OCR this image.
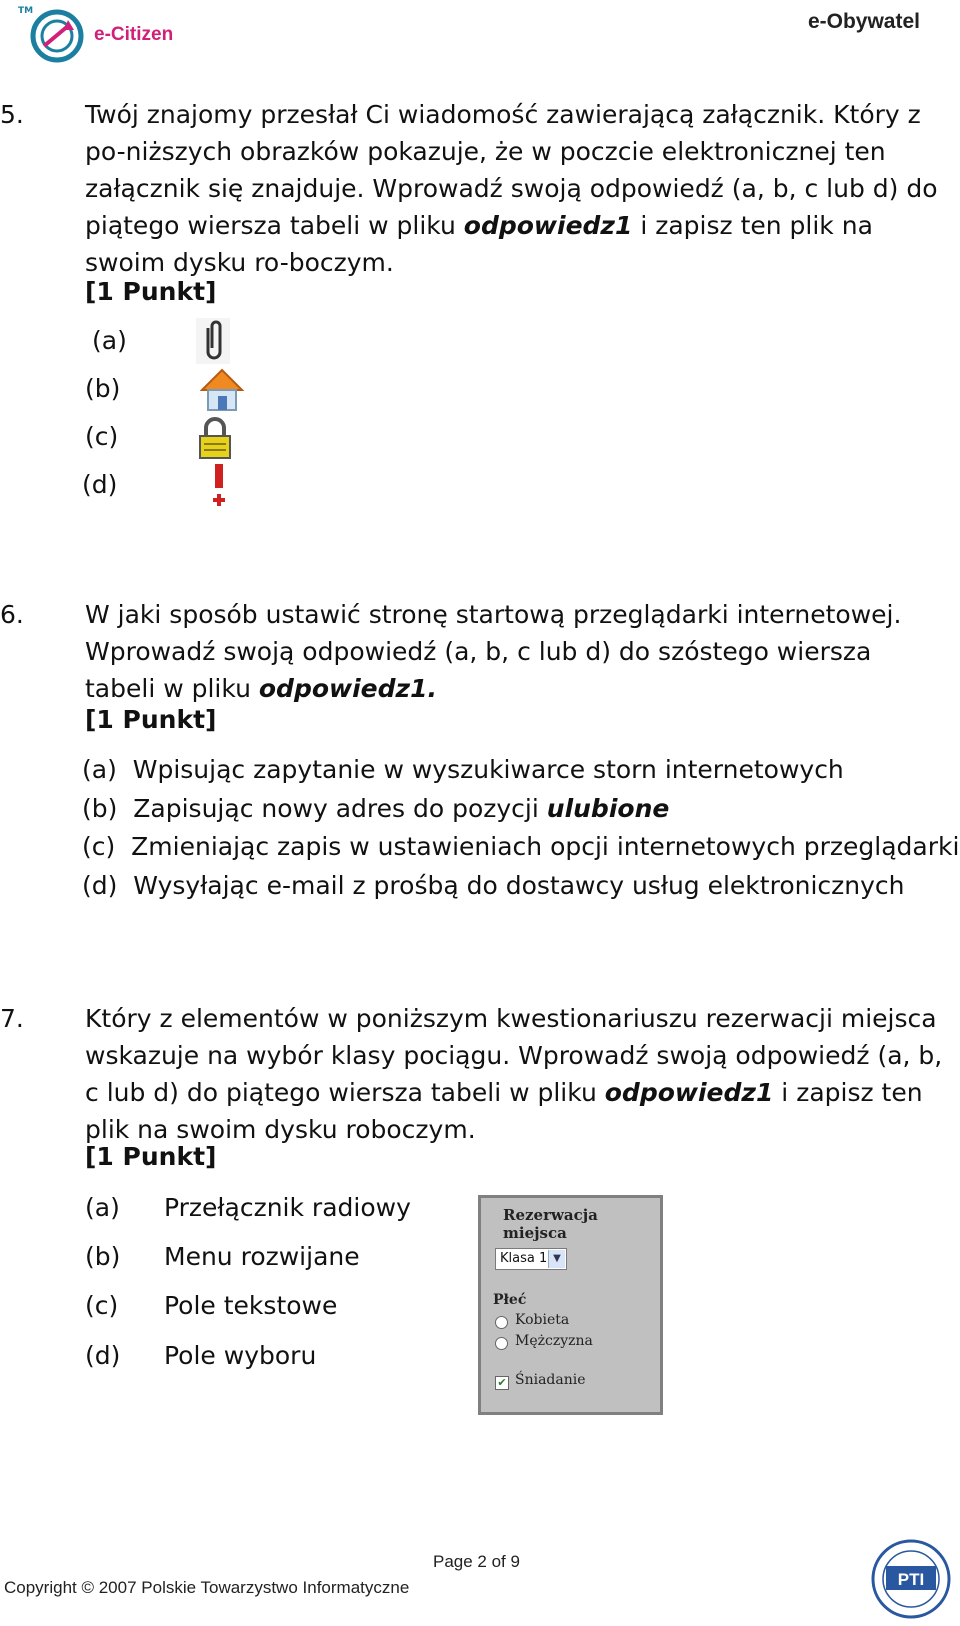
TM
e-Citizen
e-Obywatel
5. Twój znajomy przesłał Ci wiadomość zawierającą załącznik. Który z po-niższych obrazków pokazuje, że w poczcie elektronicznej ten załącznik się znajduje. Wprowadź swoją odpowiedź (a, b, c lub d) do piątego wiersza tabeli w pliku odpowiedz1 i zapisz ten plik na swoim dysku ro-boczym.
[1 Punkt]
(a)
(b)
(c)
(d)
6. W jaki sposób ustawić stronę startową przeglądarki internetowej. Wprowadź swoją odpowiedź (a, b, c lub d) do szóstego wiersza tabeli w pliku odpowiedz1.
[1 Punkt]
(a) Wpisując zapytanie w wyszukiwarce storn internetowych
(b) Zapisując nowy adres do pozycji ulubione
(c) Zmieniając zapis w ustawieniach opcji internetowych przeglądarki
(d) Wysyłając e-mail z prośbą do dostawcy usług elektronicznych
7. Który z elementów w poniższym kwestionariuszu rezerwacji miejsca wskazuje na wybór klasy pociągu. Wprowadź swoją odpowiedź (a, b, c lub d) do piątego wiersza tabeli w pliku odpowiedz1 i zapisz ten plik na swoim dysku roboczym.
[1 Punkt]
(a) Przełącznik radiowy
(b) Menu rozwijane
(c) Pole tekstowe
(d) Pole wyboru
Rezerwacja miejsca
Klasa 1 ▼
Płeć
Kobieta
Mężczyzna
✔ Śniadanie
Page 2 of 9
Copyright © 2007 Polskie Towarzystwo Informatyczne	PTI
